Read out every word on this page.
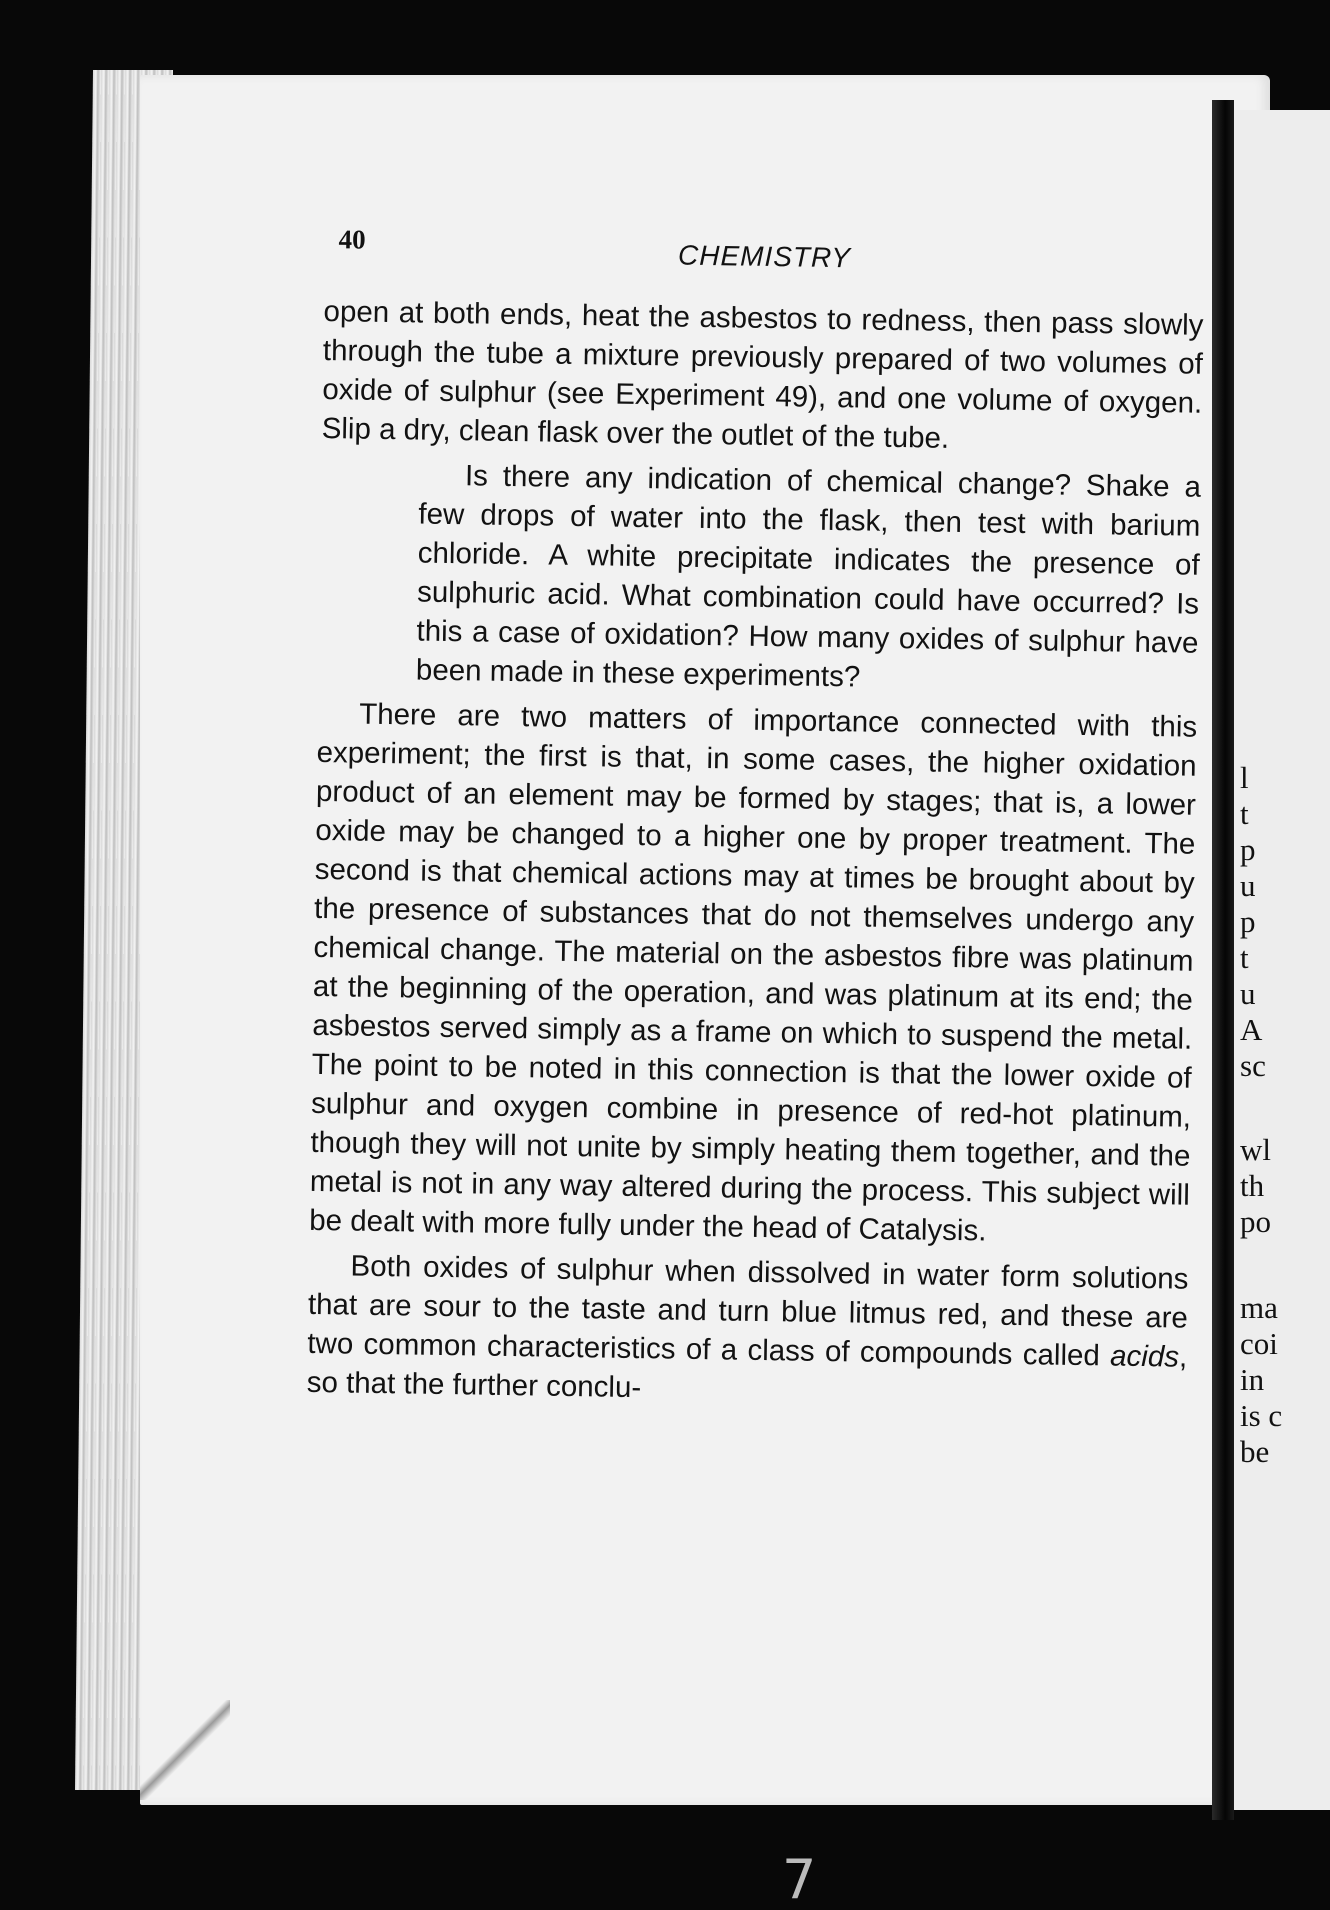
l
t
p
u
p
t
u
A
sc
wl
th
po
ma
coi
in
is c
be
40
CHEMISTRY

open at both ends, heat the asbestos to redness, then pass slowly through the tube a mixture previously prepared of two volumes of oxide of sulphur (see Experiment 49), and one volume of oxygen. Slip a dry, clean flask over the outlet of the tube.

Is there any indication of chemical change? Shake a few drops of water into the flask, then test with barium chloride. A white precipitate indicates the presence of sulphuric acid. What combination could have occurred? Is this a case of oxidation? How many oxides of sulphur have been made in these experiments?

There are two matters of importance connected with this experiment; the first is that, in some cases, the higher oxidation product of an element may be formed by stages; that is, a lower oxide may be changed to a higher one by proper treatment. The second is that chemical actions may at times be brought about by the presence of substances that do not themselves undergo any chemical change. The material on the asbestos fibre was platinum at the beginning of the operation, and was platinum at its end; the asbestos served simply as a frame on which to suspend the metal. The point to be noted in this connection is that the lower oxide of sulphur and oxygen combine in presence of red-hot platinum, though they will not unite by simply heating them together, and the metal is not in any way altered during the process. This subject will be dealt with more fully under the head of Catalysis.

Both oxides of sulphur when dissolved in water form solutions that are sour to the taste and turn blue litmus red, and these are two common characteristics of a class of compounds called acids, so that the further conclu-

7
